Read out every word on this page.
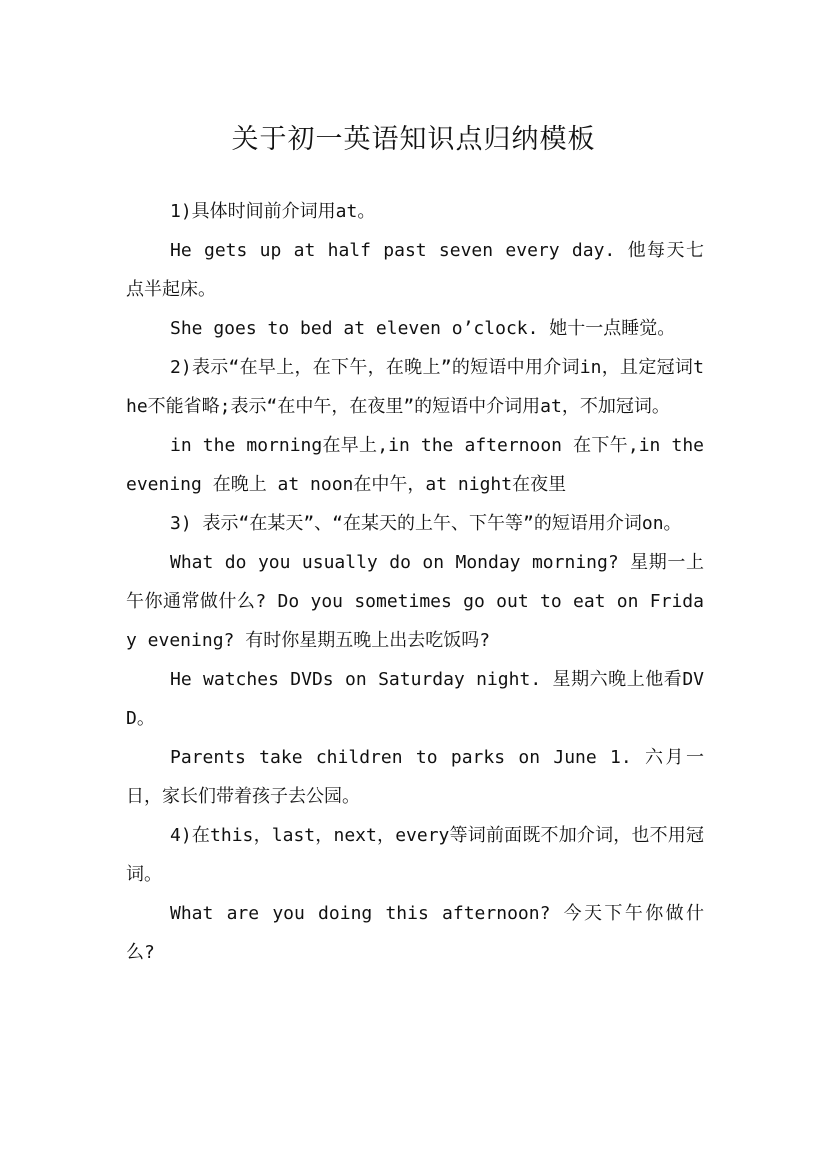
关于初一英语知识点归纳模板

1)具体时间前介词用at。

He gets up at half past seven every day. 他每天七点半起床。

She goes to bed at eleven o’clock. 她十一点睡觉。

2)表示“在早上，在下午，在晚上”的短语中用介词in，且定冠词the不能省略;表示“在中午，在夜里”的短语中介词用at，不加冠词。

in the morning在早上,in the afternoon 在下午,in the evening 在晚上 at noon在中午，at night在夜里

3) 表示“在某天”、“在某天的上午、下午等”的短语用介词on。

What do you usually do on Monday morning? 星期一上午你通常做什么? Do you sometimes go out to eat on Friday evening? 有时你星期五晚上出去吃饭吗?

He watches DVDs on Saturday night. 星期六晚上他看DVD。

Parents take children to parks on June 1. 六月一日，家长们带着孩子去公园。

4)在this，last，next，every等词前面既不加介词，也不用冠词。

What are you doing this afternoon? 今天下午你做什么?
